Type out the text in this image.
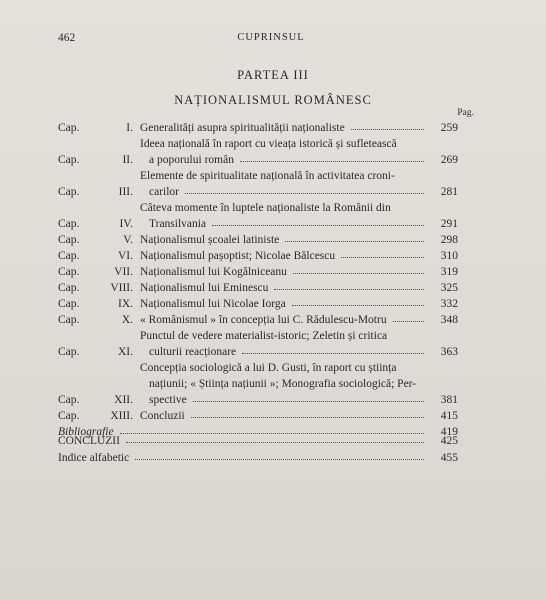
462	CUPRINSUL
PARTEA III
NAȚIONALISMUL ROMÂNESC
Pag.
Cap.	I. Generalități asupra spiritualității naționaliste	259
Cap.	II.
Ideea națională în raport cu vieața istorică și sufletească
a poporului român	269
Cap.	III.
Elemente de spiritualitate națională în activitatea croni-
carilor	281
Cap.	IV.
Câteva momente în luptele naționaliste la Românii din
Transilvania	291
Cap.	V. Naționalismul școalei latiniste	298
Cap.	VI. Naționalismul pașoptist; Nicolae Bălcescu	310
Cap.	VII. Naționalismul lui Kogălniceanu	319
Cap.	VIII. Naționalismul lui Eminescu	325
Cap.	IX. Naționalismul lui Nicolae Iorga	332
Cap.	X. « Românismul » în concepția lui C. Rădulescu-Motru	348
Cap.	XI.
Punctul de vedere materialist-istoric; Zeletin și critica
culturii reacționare	363
Cap.	XII.
Concepția sociologică a lui D. Gusti, în raport cu știința
națiunii; « Știința națiunii »; Monografia sociologică; Per-
spective	381
Cap.	XIII. Concluzii	415
Bibliografie	419
CONCLUZII	425
Indice alfabetic	455
